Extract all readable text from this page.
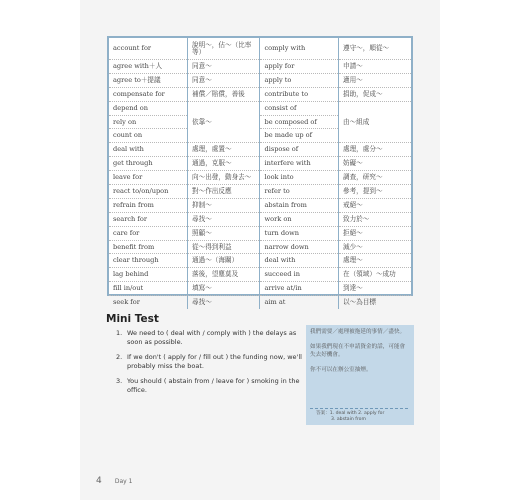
account for	說明～，佔～（比率等）	comply with	遵守～，順從～
agree with＋人	同意～	apply for	申請～
agree to＋提議	同意～	apply to	適用～
compensate for	補償／賠償，善後	contribute to	捐助，促成～
depend on	依靠～	consist of	由～組成
rely on		be composed of	
count on		be made up of	
deal with	處理，處置～	dispose of	處理，處分～
get through	通過，克服～	interfere with	妨礙～
leave for	向～出發，動身去～	look into	調查，研究～
react to/on/upon	對～作出反應	refer to	參考，提到～
refrain from	抑制～	abstain from	戒絕～
search for	尋找～	work on	致力於～
care for	照顧～	turn down	拒絕～
benefit from	從～得到利益	narrow down	減少～
clear through	通過～（海關）	deal with	處理～
lag behind	落後，望塵莫及	succeed in	在（領域）～成功
fill in/out	填寫～	arrive at/in	到達～
seek for	尋找～	aim at	以～為目標
Mini Test
1. We need to ( deal with / comply with ) the delays as soon as possible.
2. If we don't ( apply for / fill out ) the funding now, we'll probably miss the boat.
3. You should ( abstain from / leave for ) smoking in the office.
我們需要／處理被拖延的事情／盡快。
如果我們現在不申請資金的話，可能會失去好機會。
你不可以在辦公室抽煙。
答案：1. deal with 2. apply for
3. abstain from
4 Day 1
